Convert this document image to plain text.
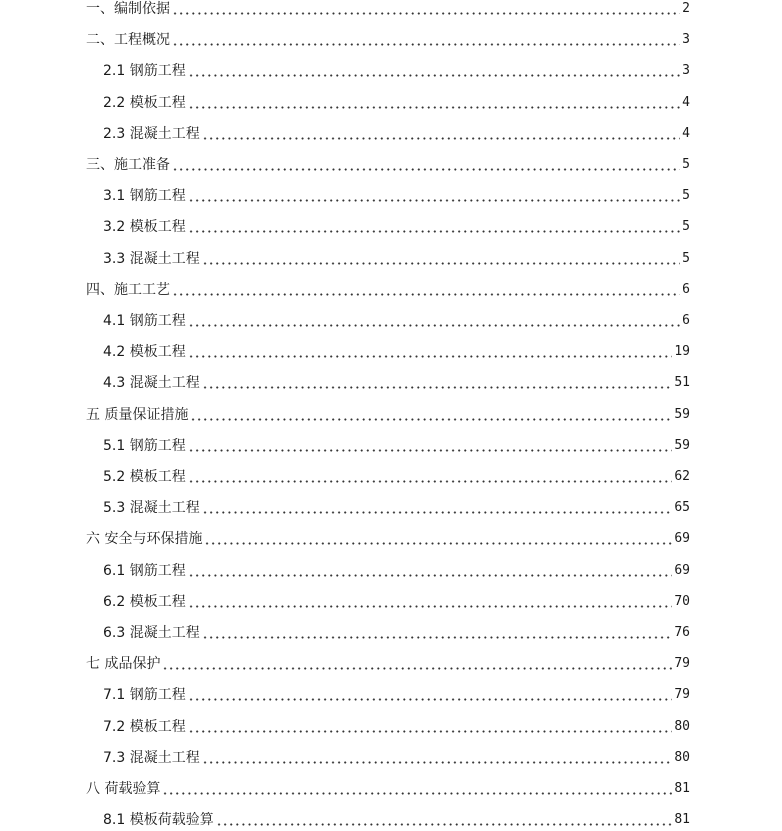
一、编制依据	2
二、工程概况	3
2.1 钢筋工程	3
2.2 模板工程	4
2.3 混凝土工程	4
三、施工准备	5
3.1 钢筋工程	5
3.2 模板工程	5
3.3 混凝土工程	5
四、施工工艺	6
4.1 钢筋工程	6
4.2 模板工程	19
4.3 混凝土工程	51
五 质量保证措施	59
5.1 钢筋工程	59
5.2 模板工程	62
5.3 混凝土工程	65
六 安全与环保措施	69
6.1 钢筋工程	69
6.2 模板工程	70
6.3 混凝土工程	76
七 成品保护	79
7.1 钢筋工程	79
7.2 模板工程	80
7.3 混凝土工程	80
八 荷载验算	81
8.1 模板荷载验算	81
